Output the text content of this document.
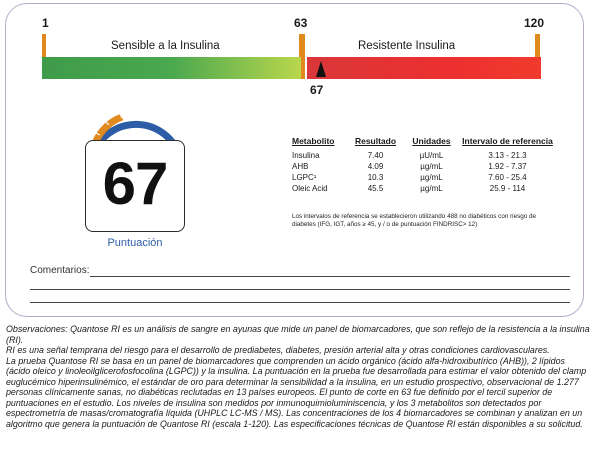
1	63	120
Sensible a la Insulina	Resistente Insulina
67
67
Puntuación
Metabolito	Resultado	Unidades	Intervalo de referencia
Insulina	7.40	µU/mL	3.13 - 21.3
AHB	4.09	µg/mL	1.92 - 7.37
LGPC¹	10.3	µg/mL	7.60 - 25.4
Oleic Acid	45.5	µg/mL	25.9 - 114
Los intervalos de referencia se establecieron utilizando 488 no diabéticos con riesgo de diabetes (IFG, IGT, años ≥ 45, y / o de puntuación FINDRISC> 12)
Comentarios:

Observaciones: Quantose RI es un análisis de sangre en ayunas que mide un panel de biomarcadores, que son reflejo de la resistencia a la insulina (RI).

RI es una señal temprana del riesgo para el desarrollo de prediabetes, diabetes, presión arterial alta y otras condiciones cardiovasculares.

La prueba Quantose RI se basa en un panel de biomarcadores que comprenden un ácido orgánico (ácido alfa-hidroxibutírico (AHB)), 2 lípidos (ácido oleico y linoleoilglicerofosfocolina (LGPC)) y la insulina. La puntuación en la prueba fue desarrollada para estimar el valor obtenido del clamp euglucémico hiperinsulinémico, el estándar de oro para determinar la sensibilidad a la insulina, en un estudio prospectivo, observacional de 1.277 personas clínicamente sanas, no diabéticas reclutadas en 13 países europeos. El punto de corte en 63 fue definido por el tercil superior de puntuaciones en el estudio. Los niveles de insulina son medidos por inmunoquimioluminiscencia, y los 3 metabolitos son detectados por espectrometría de masas/cromatografía líquida (UHPLC LC-MS / MS). Las concentraciones de los 4 biomarcadores se combinan y analizan en un algoritmo que genera la puntuación de Quantose RI (escala 1-120). Las especificaciones técnicas de Quantose RI están disponibles a su solicitud.
